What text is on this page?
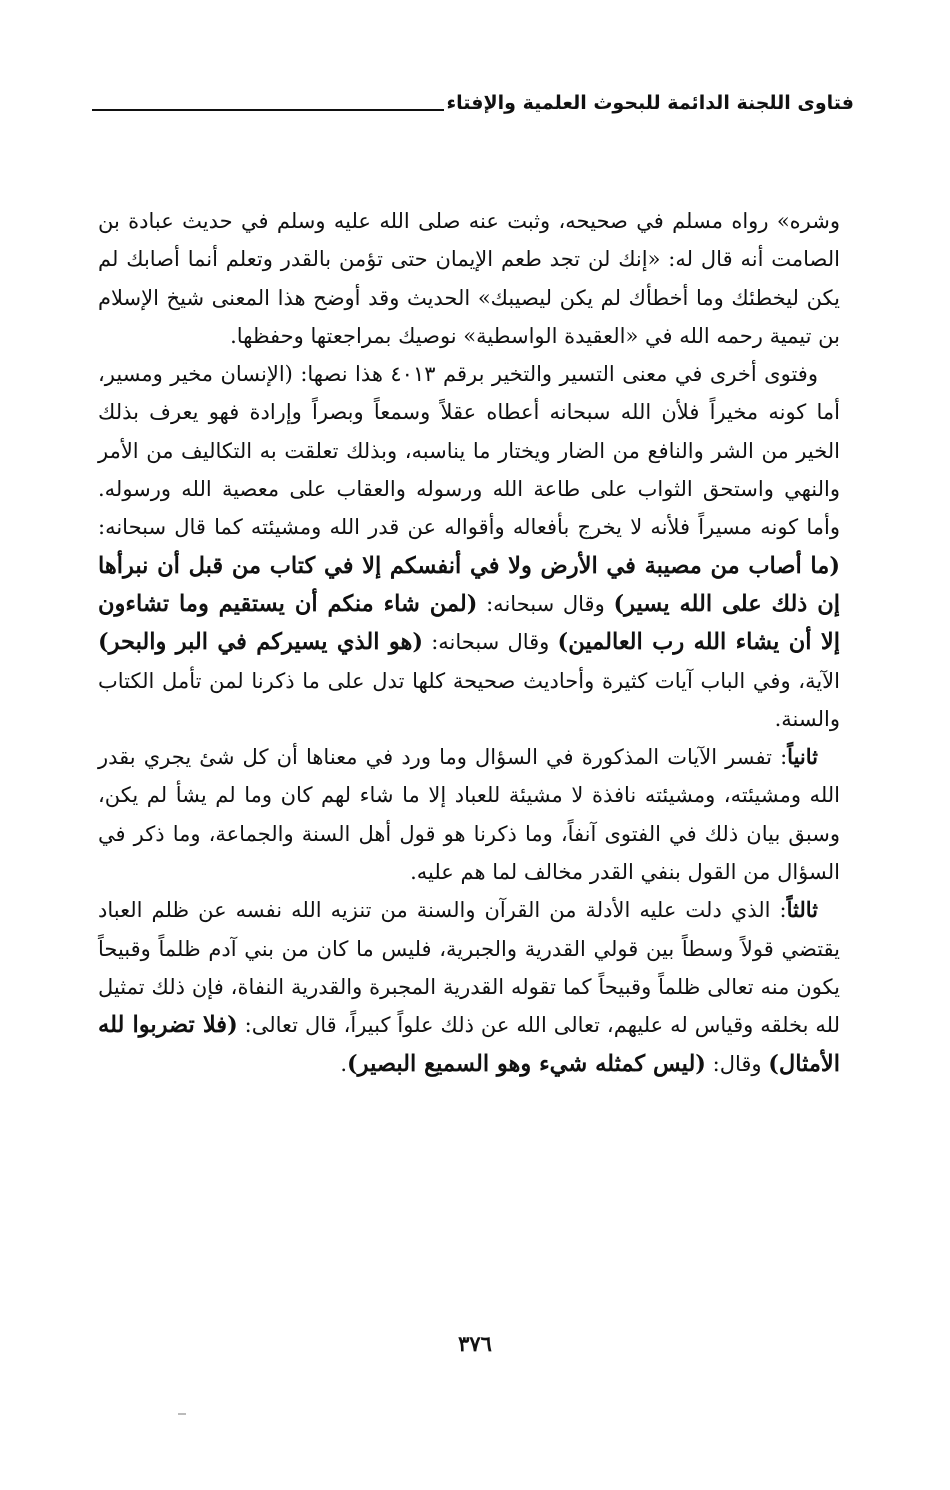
فتاوى اللجنة الدائمة للبحوث العلمية والإفتاء

وشره» رواه مسلم في صحيحه، وثبت عنه صلى الله عليه وسلم في حديث عبادة بن الصامت أنه قال له: «إنك لن تجد طعم الإيمان حتى تؤمن بالقدر وتعلم أنما أصابك لم يكن ليخطئك وما أخطأك لم يكن ليصيبك» الحديث وقد أوضح هذا المعنى شيخ الإسلام بن تيمية رحمه الله في «العقيدة الواسطية» نوصيك بمراجعتها وحفظها.

وفتوى أخرى في معنى التسير والتخير برقم ٤٠١٣ هذا نصها: (الإنسان مخير ومسير، أما كونه مخيراً فلأن الله سبحانه أعطاه عقلاً وسمعاً وبصراً وإرادة فهو يعرف بذلك الخير من الشر والنافع من الضار ويختار ما يناسبه، وبذلك تعلقت به التكاليف من الأمر والنهي واستحق الثواب على طاعة الله ورسوله والعقاب على معصية الله ورسوله. وأما كونه مسيراً فلأنه لا يخرج بأفعاله وأقواله عن قدر الله ومشيئته كما قال سبحانه: (ما أصاب من مصيبة في الأرض ولا في أنفسكم إلا في كتاب من قبل أن نبرأها إن ذلك على الله يسير) وقال سبحانه: (لمن شاء منكم أن يستقيم وما تشاءون إلا أن يشاء الله رب العالمين) وقال سبحانه: (هو الذي يسيركم في البر والبحر) الآية، وفي الباب آيات كثيرة وأحاديث صحيحة كلها تدل على ما ذكرنا لمن تأمل الكتاب والسنة.

ثانياً: تفسر الآيات المذكورة في السؤال وما ورد في معناها أن كل شئ يجري بقدر الله ومشيئته، ومشيئته نافذة لا مشيئة للعباد إلا ما شاء لهم كان وما لم يشأ لم يكن، وسبق بيان ذلك في الفتوى آنفاً، وما ذكرنا هو قول أهل السنة والجماعة، وما ذكر في السؤال من القول بنفي القدر مخالف لما هم عليه.

ثالثاً: الذي دلت عليه الأدلة من القرآن والسنة من تنزيه الله نفسه عن ظلم العباد يقتضي قولاً وسطاً بين قولي القدرية والجبرية، فليس ما كان من بني آدم ظلماً وقبيحاً يكون منه تعالى ظلماً وقبيحاً كما تقوله القدرية المجبرة والقدرية النفاة، فإن ذلك تمثيل لله بخلقه وقياس له عليهم، تعالى الله عن ذلك علواً كبيراً، قال تعالى: (فلا تضربوا لله الأمثال) وقال: (ليس كمثله شيء وهو السميع البصير).

٣٧٦
